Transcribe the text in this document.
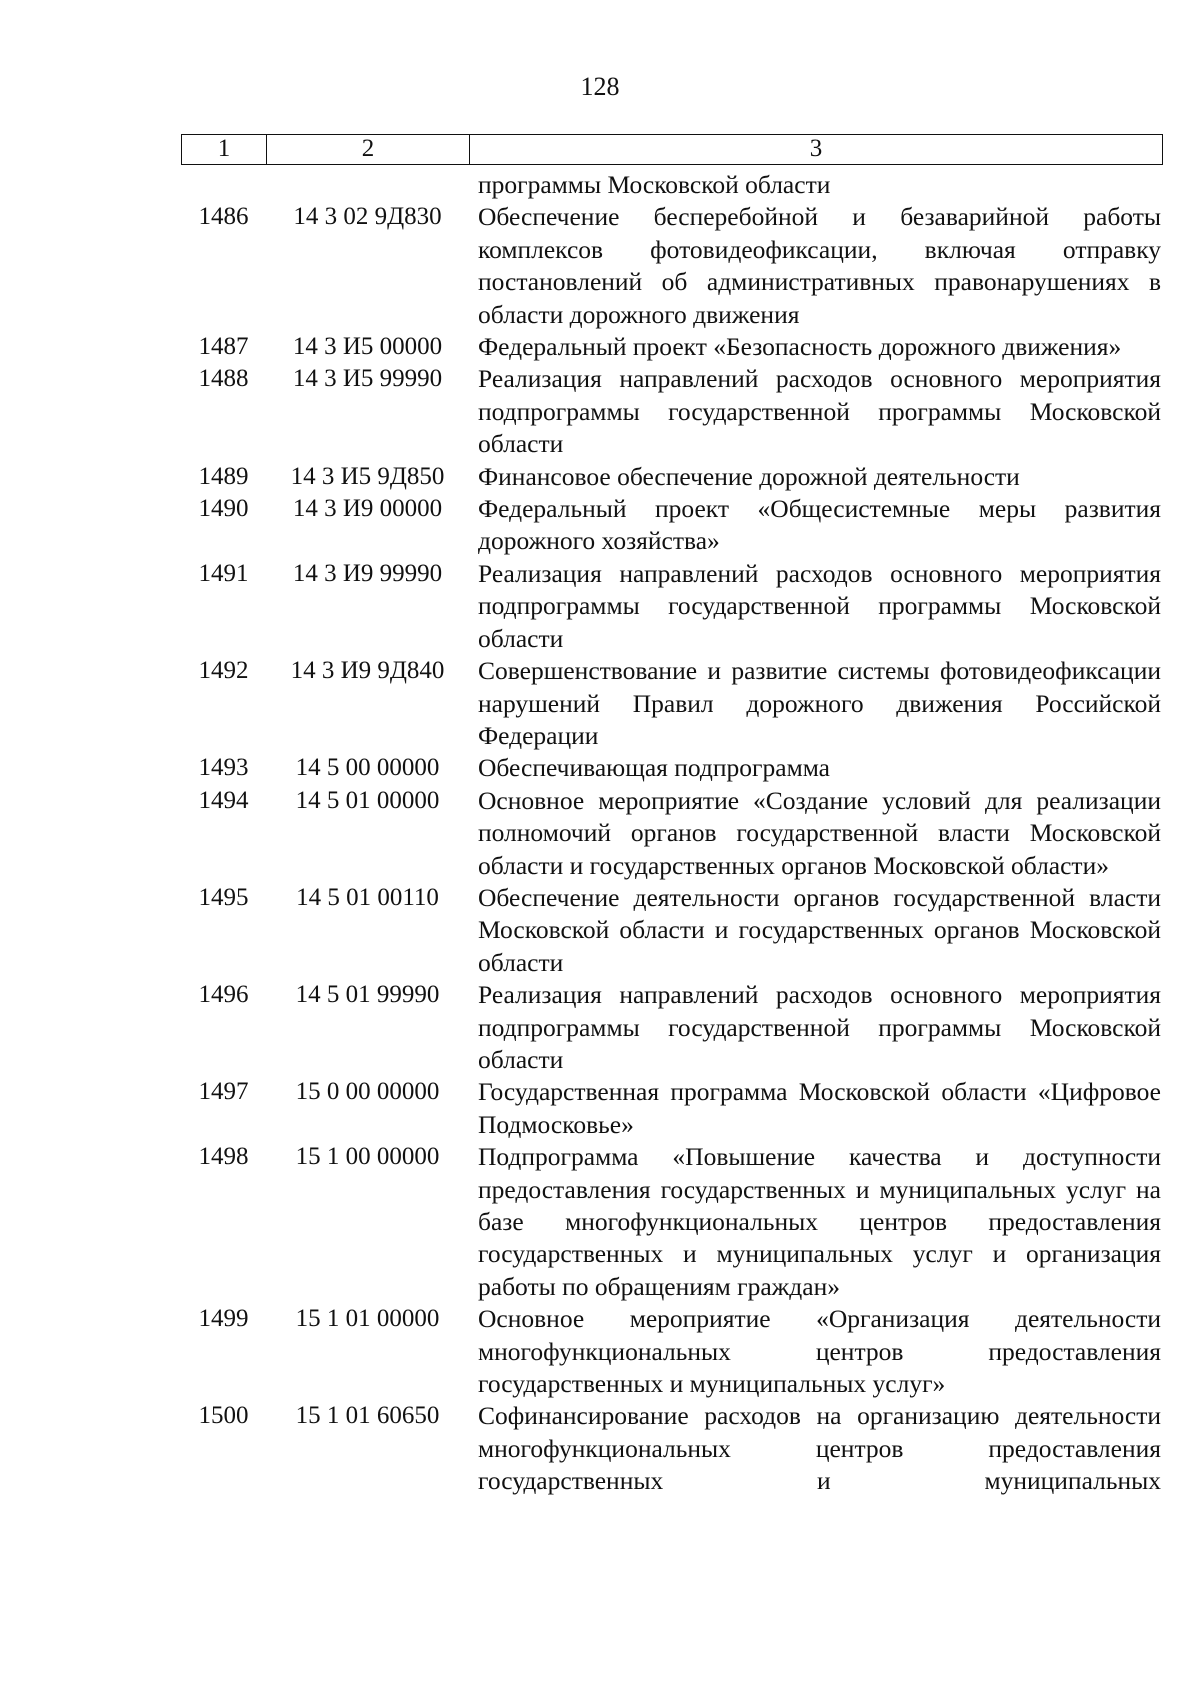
128
1	2	3
программы Московской области
1486	14 3 02 9Д830	Обеспечение бесперебойной и безаварийной работы комплексов фотовидеофиксации, включая отправку постановлений об административных правонарушениях в области дорожного движения
1487	14 3 И5 00000	Федеральный проект «Безопасность дорожного движения»
1488	14 3 И5 99990	Реализация направлений расходов основного мероприятия подпрограммы государственной программы Московской области
1489	14 3 И5 9Д850	Финансовое обеспечение дорожной деятельности
1490	14 3 И9 00000	Федеральный проект «Общесистемные меры развития дорожного хозяйства»
1491	14 3 И9 99990	Реализация направлений расходов основного мероприятия подпрограммы государственной программы Московской области
1492	14 3 И9 9Д840	Совершенствование и развитие системы фотовидеофиксации нарушений Правил дорожного движения Российской Федерации
1493	14 5 00 00000	Обеспечивающая подпрограмма
1494	14 5 01 00000	Основное мероприятие «Создание условий для реализации полномочий органов государственной власти Московской области и государственных органов Московской области»
1495	14 5 01 00110	Обеспечение деятельности органов государственной власти Московской области и государственных органов Московской области
1496	14 5 01 99990	Реализация направлений расходов основного мероприятия подпрограммы государственной программы Московской области
1497	15 0 00 00000	Государственная программа Московской области «Цифровое Подмосковье»
1498	15 1 00 00000	Подпрограмма «Повышение качества и доступности предоставления государственных и муниципальных услуг на базе многофункциональных центров предоставления государственных и муниципальных услуг и организация работы по обращениям граждан»
1499	15 1 01 00000	Основное мероприятие «Организация деятельности многофункциональных центров предоставления государственных и муниципальных услуг»
1500	15 1 01 60650	Софинансирование расходов на организацию деятельности многофункциональных центров предоставления государственных и муниципальных
